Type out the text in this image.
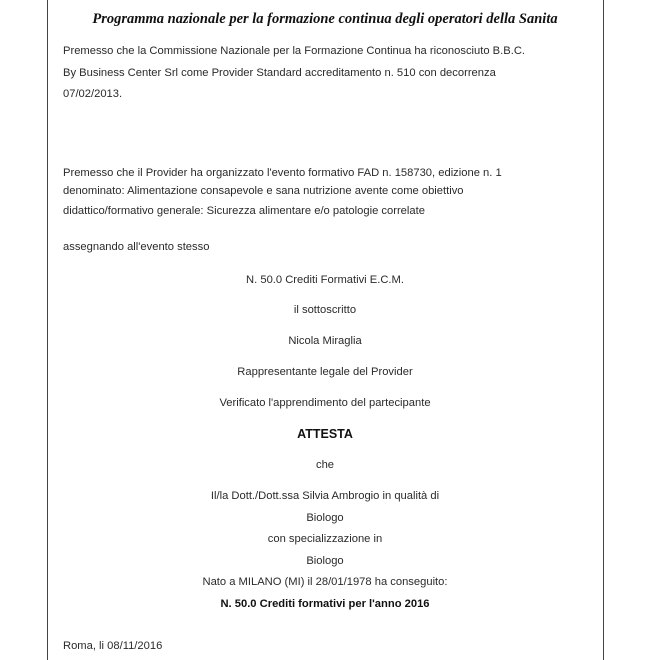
Programma nazionale per la formazione continua degli operatori della Sanita
Premesso che la Commissione Nazionale per la Formazione Continua ha riconosciuto B.B.C.
By Business Center Srl come Provider Standard accreditamento n. 510 con decorrenza
07/02/2013.
Premesso che il Provider ha organizzato l'evento formativo FAD n. 158730, edizione n. 1
denominato: Alimentazione consapevole e sana nutrizione avente come obiettivo
didattico/formativo generale: Sicurezza alimentare e/o patologie correlate
assegnando all'evento stesso
N. 50.0 Crediti Formativi E.C.M.
il sottoscritto
Nicola Miraglia
Rappresentante legale del Provider
Verificato l'apprendimento del partecipante
ATTESTA
che
Il/la Dott./Dott.ssa Silvia Ambrogio in qualità di
Biologo
con specializzazione in
Biologo
Nato a MILANO (MI) il 28/01/1978 ha conseguito:
N. 50.0 Crediti formativi per l'anno 2016
Roma, li 08/11/2016
